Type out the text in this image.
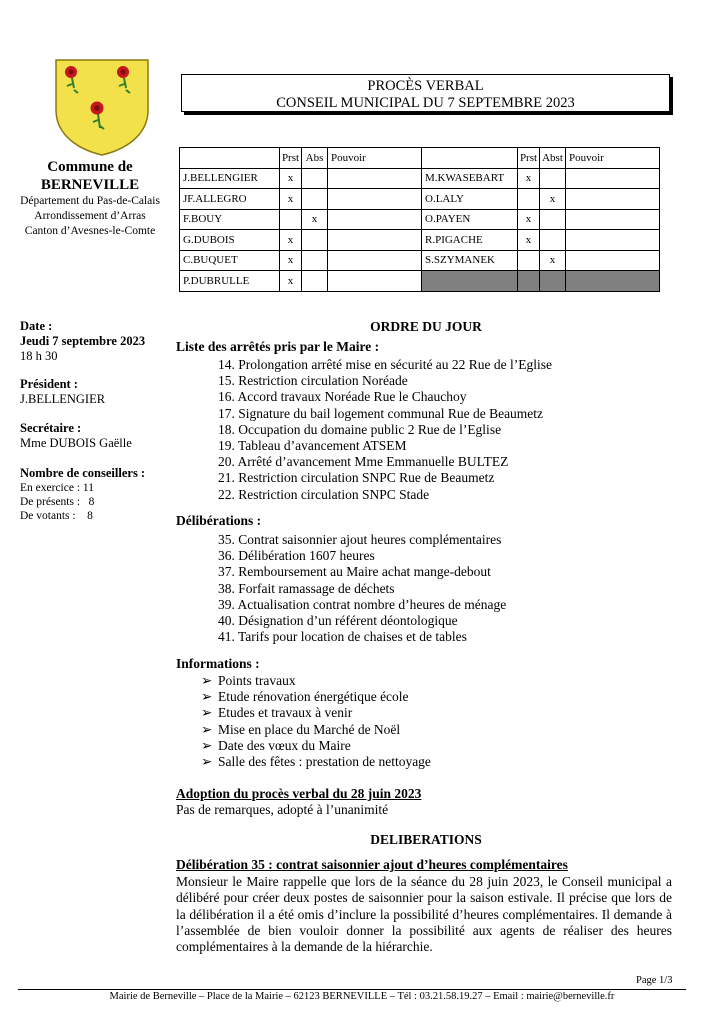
Commune de
BERNEVILLE
Département du Pas-de-Calais
Arrondissement d’Arras
Canton d’Avesnes-le-Comte
PROCÈS VERBAL
CONSEIL MUNICIPAL DU 7 SEPTEMBRE 2023
	Prst	Abs	Pouvoir		Prst	Abst	Pouvoir
J.BELLENGIER	x			M.KWASEBART	x		
JF.ALLEGRO	x			O.LALY		x	
F.BOUY		x		O.PAYEN	x		
G.DUBOIS	x			R.PIGACHE	x		
C.BUQUET	x			S.SZYMANEK		x	
P.DUBRULLE	x						
Date :
Jeudi 7 septembre 2023
18 h 30
Président :
J.BELLENGIER
Secrétaire :
Mme DUBOIS Gaëlle
Nombre de conseillers :
En exercice : 11
De présents :   8
De votants :    8
ORDRE DU JOUR
Liste des arrêtés pris par le Maire :
14. Prolongation arrêté mise en sécurité au 22 Rue de l’Eglise
15. Restriction circulation Noréade
16. Accord travaux Noréade Rue le Chauchoy
17. Signature du bail logement communal Rue de Beaumetz
18. Occupation du domaine public 2 Rue de l’Eglise
19. Tableau d’avancement ATSEM
20. Arrêté d’avancement Mme Emmanuelle BULTEZ
21. Restriction circulation SNPC Rue de Beaumetz
22. Restriction circulation SNPC Stade
Délibérations :
35. Contrat saisonnier ajout heures complémentaires
36. Délibération 1607 heures
37. Remboursement au Maire achat mange-debout
38. Forfait ramassage de déchets
39. Actualisation contrat nombre d’heures de ménage
40. Désignation d’un référent déontologique
41. Tarifs pour location de chaises et de tables
Informations :
➢ Points travaux
➢ Etude rénovation énergétique école
➢ Etudes et travaux à venir
➢ Mise en place du Marché de Noël
➢ Date des vœux du Maire
➢ Salle des fêtes : prestation de nettoyage
Adoption du procès verbal du 28 juin 2023
Pas de remarques, adopté à l’unanimité
DELIBERATIONS
Délibération 35 : contrat saisonnier ajout d’heures complémentaires
Monsieur le Maire rappelle que lors de la séance du 28 juin 2023, le Conseil municipal a délibéré pour créer deux postes de saisonnier pour la saison estivale. Il précise que lors de la délibération il a été omis d’inclure la possibilité d’heures complémentaires. Il demande à l’assemblée de bien vouloir donner la possibilité aux agents de réaliser des heures complémentaires à la demande de la hiérarchie.
Page 1/3
Mairie de Berneville – Place de la Mairie – 62123 BERNEVILLE – Tél : 03.21.58.19.27 – Email : mairie@berneville.fr
